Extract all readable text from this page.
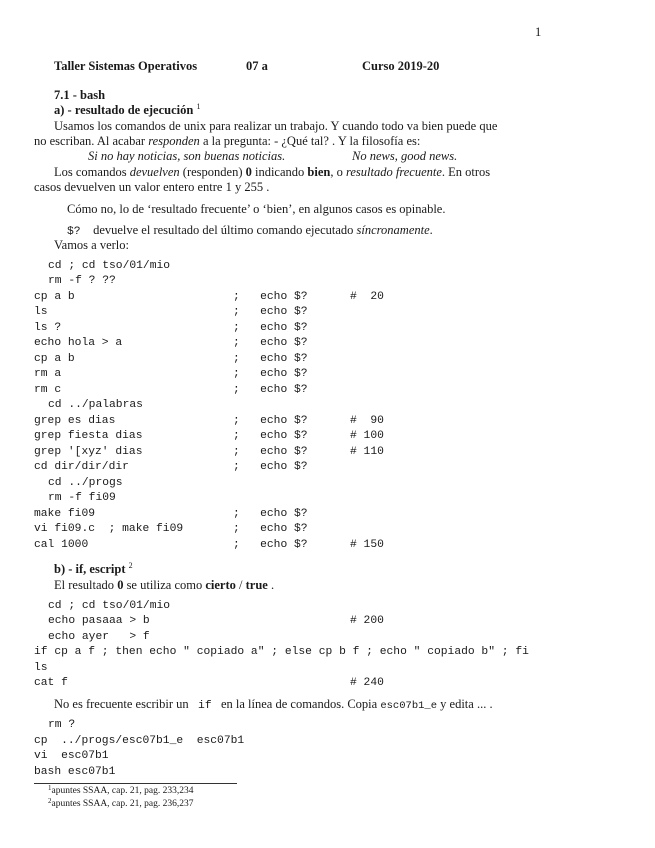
1
Taller Sistemas Operativos	07 a	Curso 2019-20
7.1 - bash
a) - resultado de ejecución $^1$
Usamos los comandos de unix para realizar un trabajo. Y cuando todo va bien puede que
no escriban. Al acabar responden a la pregunta: - ¿Qué tal? . Y la filosofía es:
Si no hay noticias, son buenas noticias.	No news, good news.
Los comandos devuelven (responden) 0 indicando bien, o resultado frecuente. En otros
casos devuelven un valor entero entre 1 y 255 .
Cómo no, lo de ‘resultado frecuente’ o ‘bien’, en algunos casos es opinable.
$? devuelve el resultado del último comando ejecutado síncronamente.
Vamos a verlo:
cd ; cd tso/01/mio
rm -f ? ??
cp a b	;   echo $?	#  20
ls	;   echo $?
ls ?	;   echo $?
echo hola > a	;   echo $?
cp a b	;   echo $?
rm a	;   echo $?
rm c	;   echo $?
cd ../palabras
grep es dias	;   echo $?	#  90
grep fiesta dias	;   echo $?	# 100
grep '[xyz' dias	;   echo $?	# 110
cd dir/dir/dir	;   echo $?
cd ../progs
rm -f fi09
make fi09	;   echo $?
vi fi09.c  ; make fi09	;   echo $?
cal 1000	;   echo $?	# 150
b) - if, escript $^2$
El resultado 0 se utiliza como cierto / true .
cd ; cd tso/01/mio
echo pasaaa > b	# 200
echo ayer   > f
if cp a f ; then echo " copiado a" ; else cp b f ; echo " copiado b" ; fi
ls
cat f	# 240
No es frecuente escribir un   if   en la línea de comandos. Copia esc07b1_e y edita ... .
rm ?
cp  ../progs/esc07b1_e  esc07b1
vi  esc07b1
bash esc07b1
$^1$apuntes SSAA, cap. 21, pag. 233,234
$^2$apuntes SSAA, cap. 21, pag. 236,237
